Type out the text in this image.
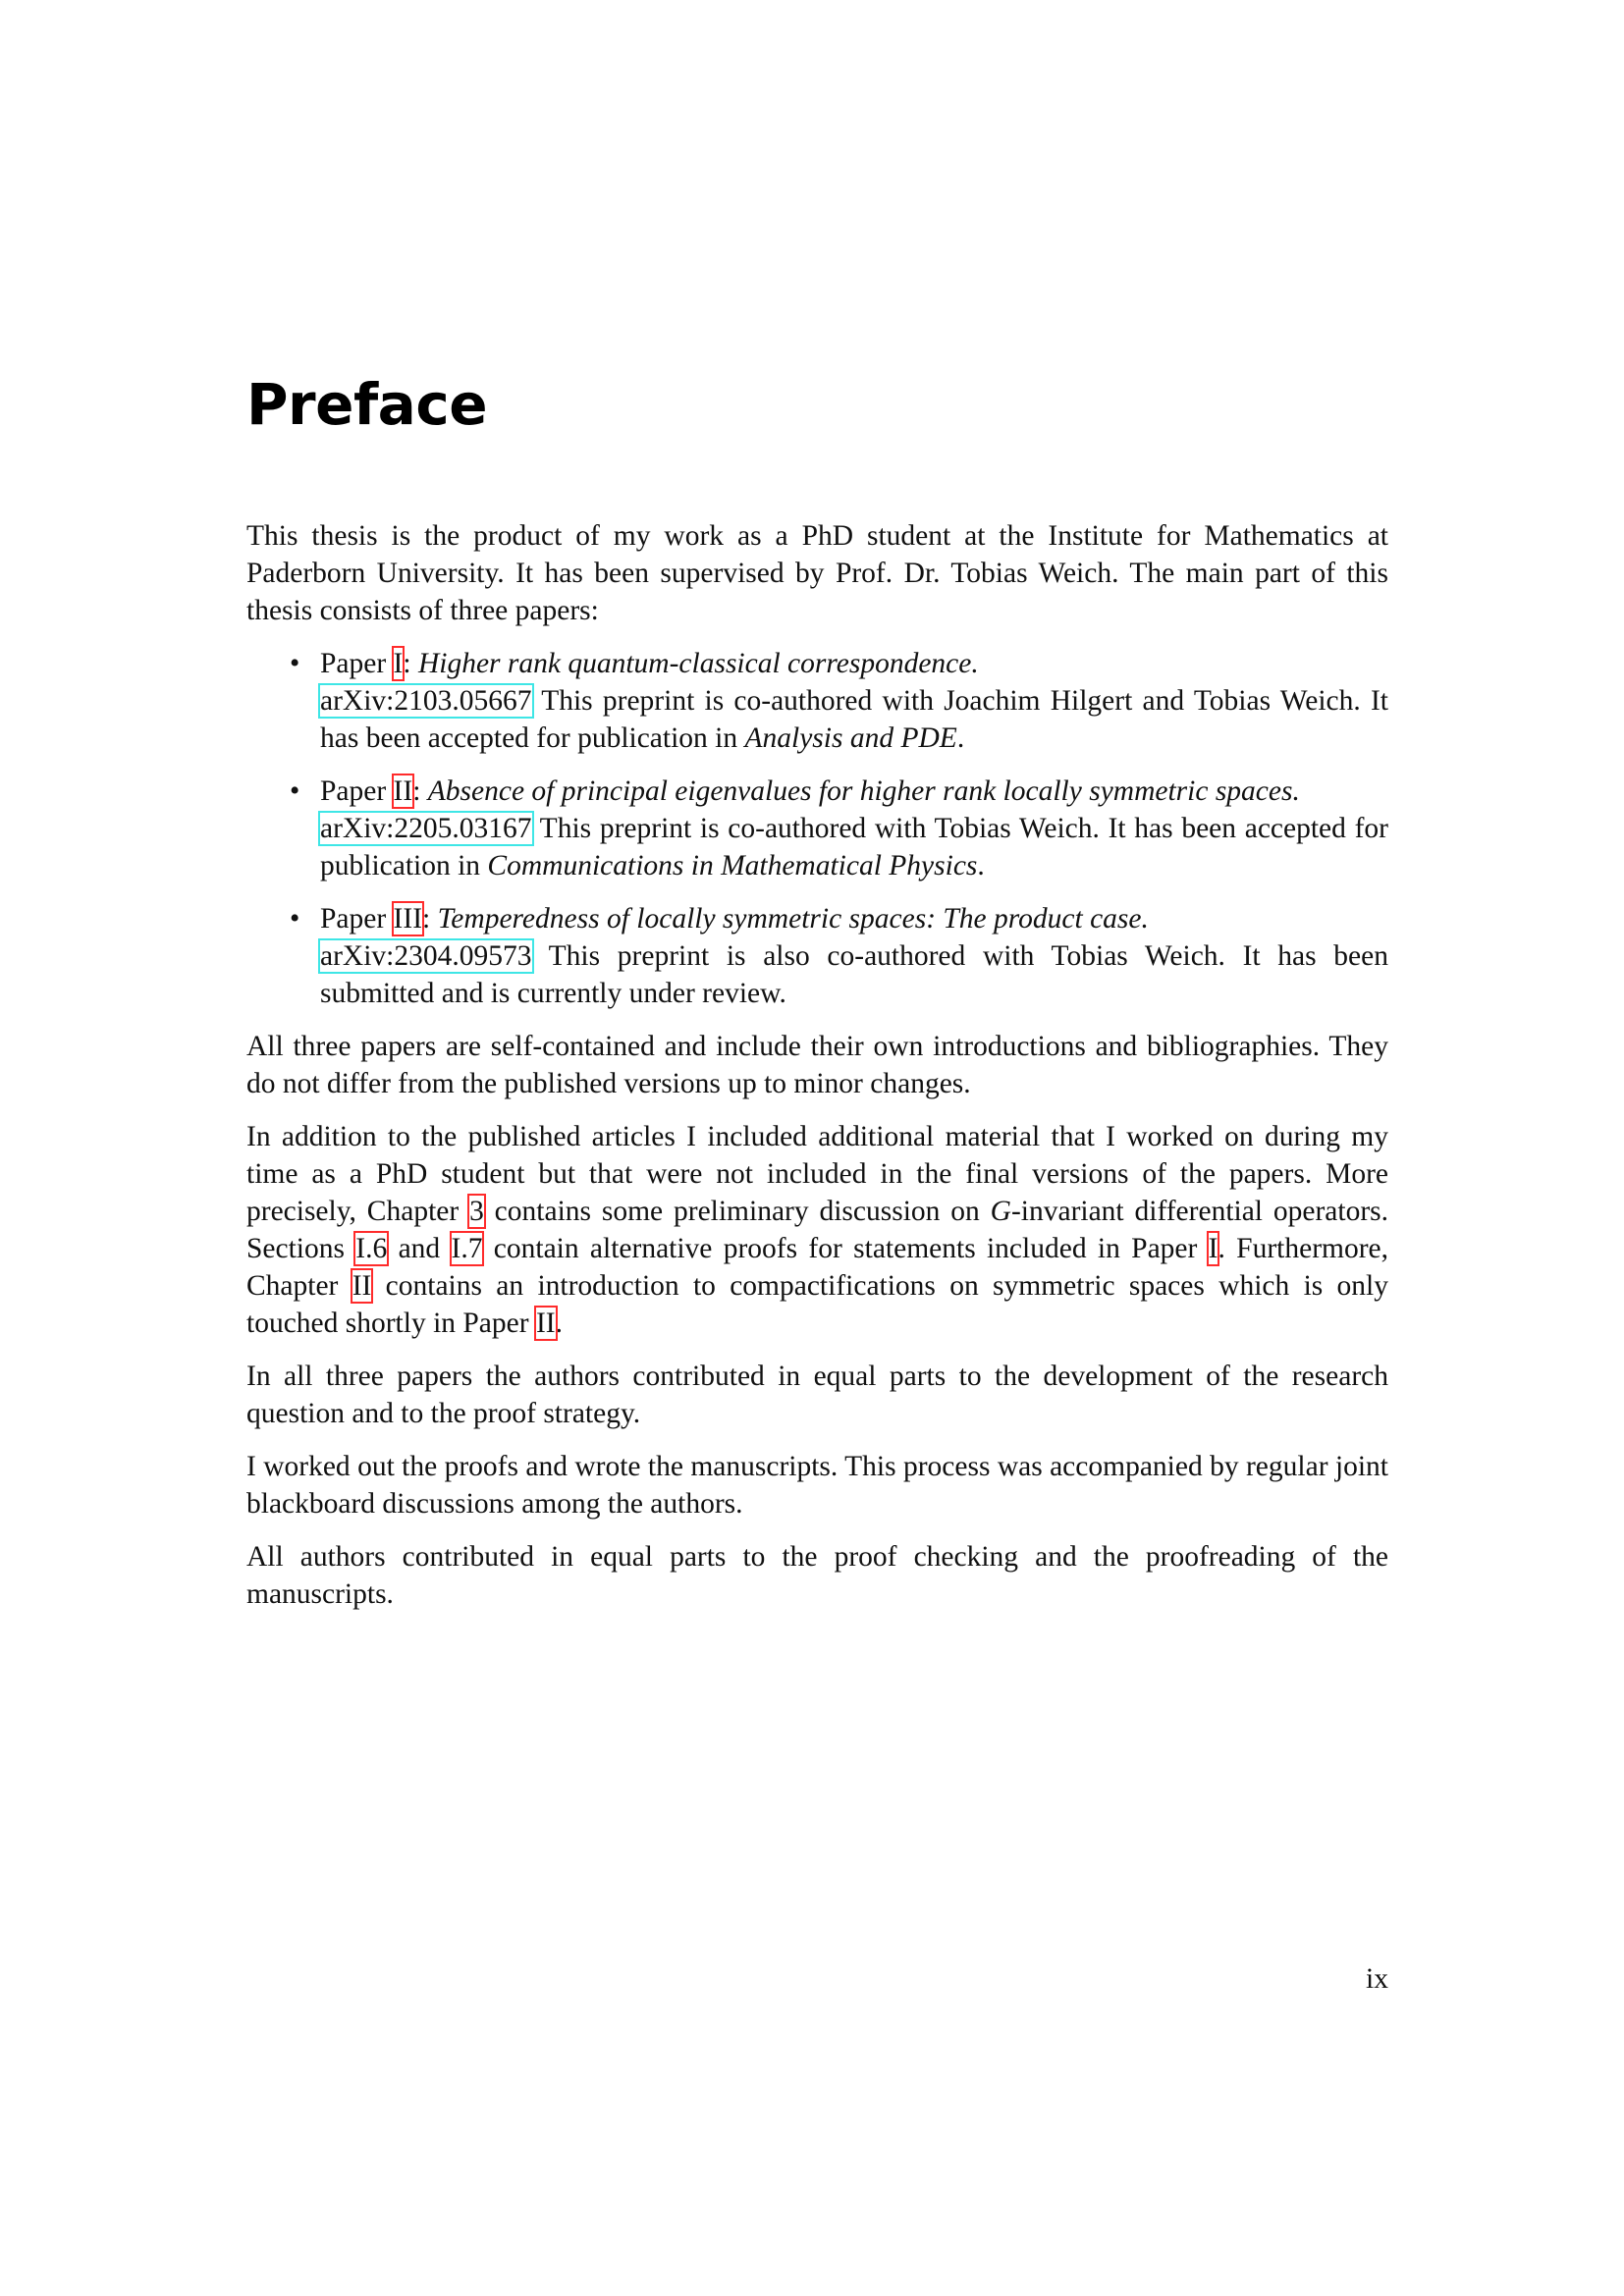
Preface

This thesis is the product of my work as a PhD student at the Institute for Mathematics at Paderborn University. It has been supervised by Prof. Dr. Tobias Weich. The main part of this thesis consists of three papers:

• Paper I: Higher rank quantum-classical correspondence.
arXiv:2103.05667 This preprint is co-authored with Joachim Hilgert and Tobias Weich. It has been accepted for publication in Analysis and PDE.
• Paper II: Absence of principal eigenvalues for higher rank locally symmetric spaces.
arXiv:2205.03167 This preprint is co-authored with Tobias Weich. It has been accepted for publication in Communications in Mathematical Physics.
• Paper III: Temperedness of locally symmetric spaces: The product case.
arXiv:2304.09573 This preprint is also co-authored with Tobias Weich. It has been submitted and is currently under review.

All three papers are self-contained and include their own introductions and bibliographies. They do not differ from the published versions up to minor changes.

In addition to the published articles I included additional material that I worked on during my time as a PhD student but that were not included in the final versions of the papers. More precisely, Chapter 3 contains some preliminary discussion on G-invariant differential operators. Sections I.6 and I.7 contain alternative proofs for statements included in Paper I. Furthermore, Chapter II contains an introduction to compactifications on symmetric spaces which is only touched shortly in Paper II.

In all three papers the authors contributed in equal parts to the development of the research question and to the proof strategy.

I worked out the proofs and wrote the manuscripts. This process was accompanied by regular joint blackboard discussions among the authors.

All authors contributed in equal parts to the proof checking and the proofreading of the manuscripts.

ix
